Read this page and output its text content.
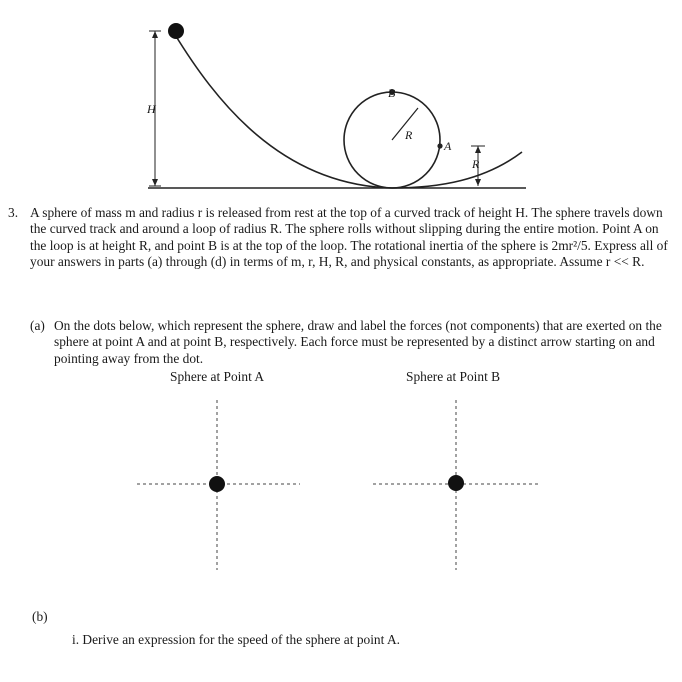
H
B
R
A
R
3. A sphere of mass m and radius r is released from rest at the top of a curved track of height H. The sphere travels down the curved track and around a loop of radius R. The sphere rolls without slipping during the entire motion. Point A on the loop is at height R, and point B is at the top of the loop. The rotational inertia of the sphere is 2mr²/5. Express all of your answers in parts (a) through (d) in terms of m, r, H, R, and physical constants, as appropriate. Assume r << R.
(a) On the dots below, which represent the sphere, draw and label the forces (not components) that are exerted on the sphere at point A and at point B, respectively. Each force must be represented by a distinct arrow starting on and pointing away from the dot.
Sphere at Point A	Sphere at Point B
(b)
i. Derive an expression for the speed of the sphere at point A.
